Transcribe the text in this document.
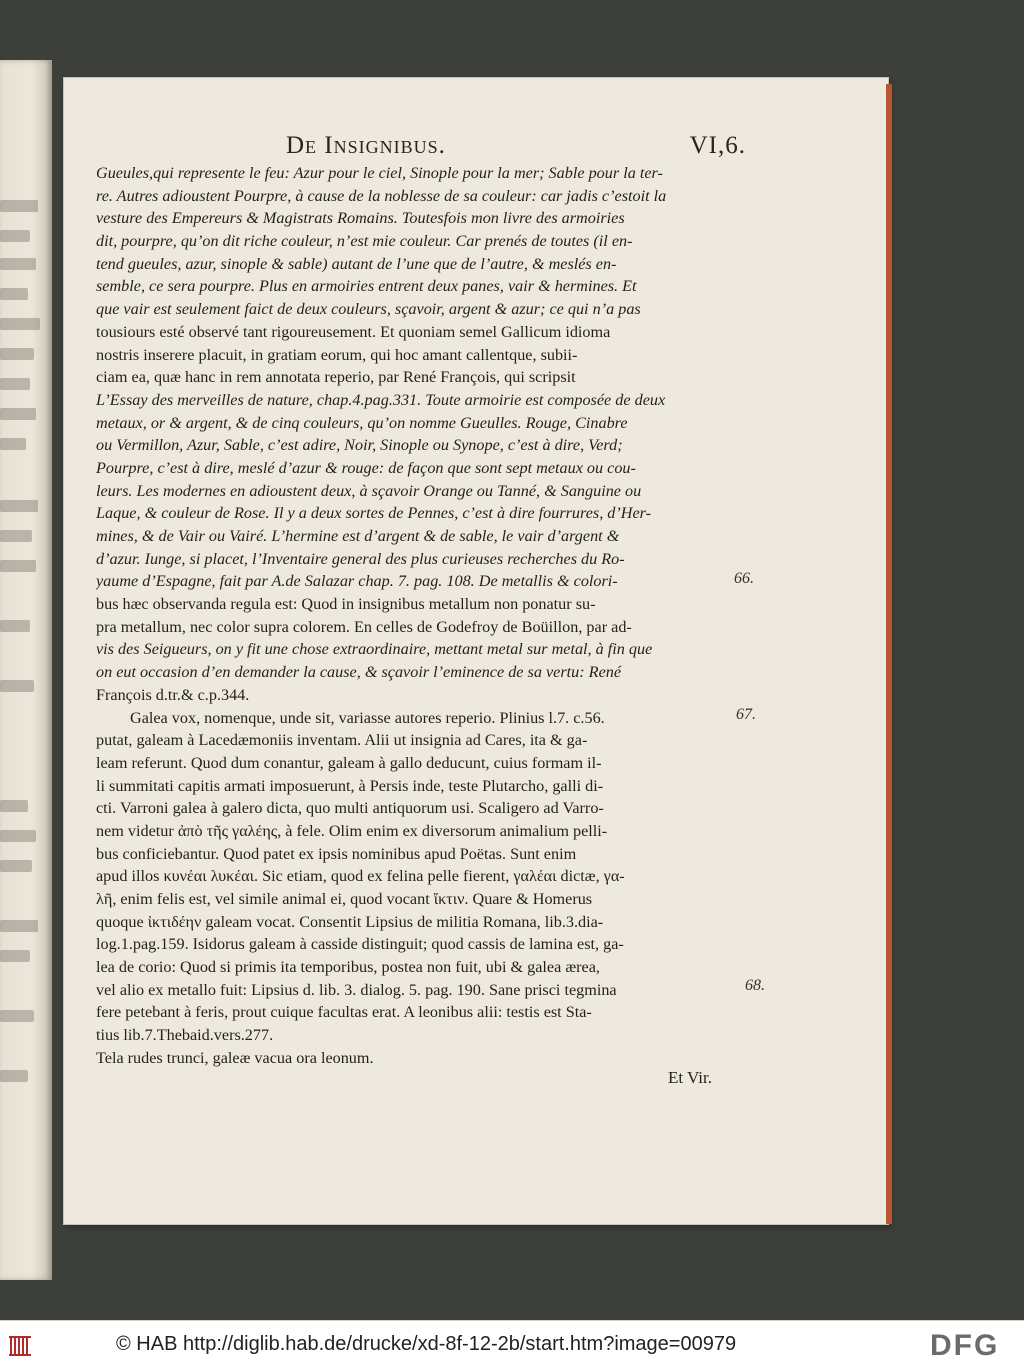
De Insignibus.	VI,6.
Gueules,qui represente le feu: Azur pour le ciel, Sinople pour la mer; Sable pour la ter-
re. Autres adioustent Pourpre, à cause de la noblesse de sa couleur: car jadis c’estoit la
vesture des Empereurs & Magistrats Romains. Toutesfois mon livre des armoiries
dit, pourpre, qu’on dit riche couleur, n’est mie couleur. Car prenés de toutes (il en-
tend gueules, azur, sinople & sable) autant de l’une que de l’autre, & meslés en-
semble, ce sera pourpre. Plus en armoiries entrent deux panes, vair & hermines. Et
que vair est seulement faict de deux couleurs, sçavoir, argent & azur; ce qui n’a pas
tousiours esté observé tant rigoureusement. Et quoniam semel Gallicum idioma
nostris inserere placuit, in gratiam eorum, qui hoc amant callentque, subii-
ciam ea, quæ hanc in rem annotata reperio, par René François, qui scripsit
L’Essay des merveilles de nature, chap.4.pag.331. Toute armoirie est composée de deux
metaux, or & argent, & de cinq couleurs, qu’on nomme Gueulles. Rouge, Cinabre
ou Vermillon, Azur, Sable, c’est adire, Noir, Sinople ou Synope, c’est à dire, Verd;
Pourpre, c’est à dire, meslé d’azur & rouge: de façon que sont sept metaux ou cou-
leurs. Les modernes en adioustent deux, à sçavoir Orange ou Tanné, & Sanguine ou
Laque, & couleur de Rose. Il y a deux sortes de Pennes, c’est à dire fourrures, d’Her-
mines, & de Vair ou Vairé. L’hermine est d’argent & de sable, le vair d’argent &
d’azur. Iunge, si placet, l’Inventaire general des plus curieuses recherches du Ro-
yaume d’Espagne, fait par A.de Salazar chap. 7. pag. 108. De metallis & colori-
bus hæc observanda regula est: Quod in insignibus metallum non ponatur su-
pra metallum, nec color supra colorem. En celles de Godefroy de Boüillon, par ad-
vis des Seigueurs, on y fit une chose extraordinaire, mettant metal sur metal, à fin que
on eut occasion d’en demander la cause, & sçavoir l’eminence de sa vertu: René
François d.tr.& c.p.344.
Galea vox, nomenque, unde sit, variasse autores reperio. Plinius l.7. c.56.
putat, galeam à Lacedæmoniis inventam. Alii ut insignia ad Cares, ita & ga-
leam referunt. Quod dum conantur, galeam à gallo deducunt, cuius formam il-
li summitati capitis armati imposuerunt, à Persis inde, teste Plutarcho, galli di-
cti. Varroni galea à galero dicta, quo multi antiquorum usi. Scaligero ad Varro-
nem videtur ἀπὸ τῆς γαλέης, à fele. Olim enim ex diversorum animalium pelli-
bus conficiebantur. Quod patet ex ipsis nominibus apud Poëtas. Sunt enim
apud illos κυνέαι λυκέαι. Sic etiam, quod ex felina pelle fierent, γαλέαι dictæ, γα-
λῆ, enim felis est, vel simile animal ei, quod vocant ἴκτιν. Quare & Homerus
quoque ἰκτιδέην galeam vocat. Consentit Lipsius de militia Romana, lib.3.dia-
log.1.pag.159. Isidorus galeam à casside distinguit; quod cassis de lamina est, ga-
lea de corio: Quod si primis ita temporibus, postea non fuit, ubi & galea ærea,
vel alio ex metallo fuit: Lipsius d. lib. 3. dialog. 5. pag. 190. Sane prisci tegmina
fere petebant à feris, prout cuique facultas erat. A leonibus alii: testis est Sta-
tius lib.7.Thebaid.vers.277.
Tela rudes trunci, galeæ vacua ora leonum.
66.
67.
68.
Et Vir.
© HAB http://diglib.hab.de/drucke/xd-8f-12-2b/start.htm?image=00979	DFG
